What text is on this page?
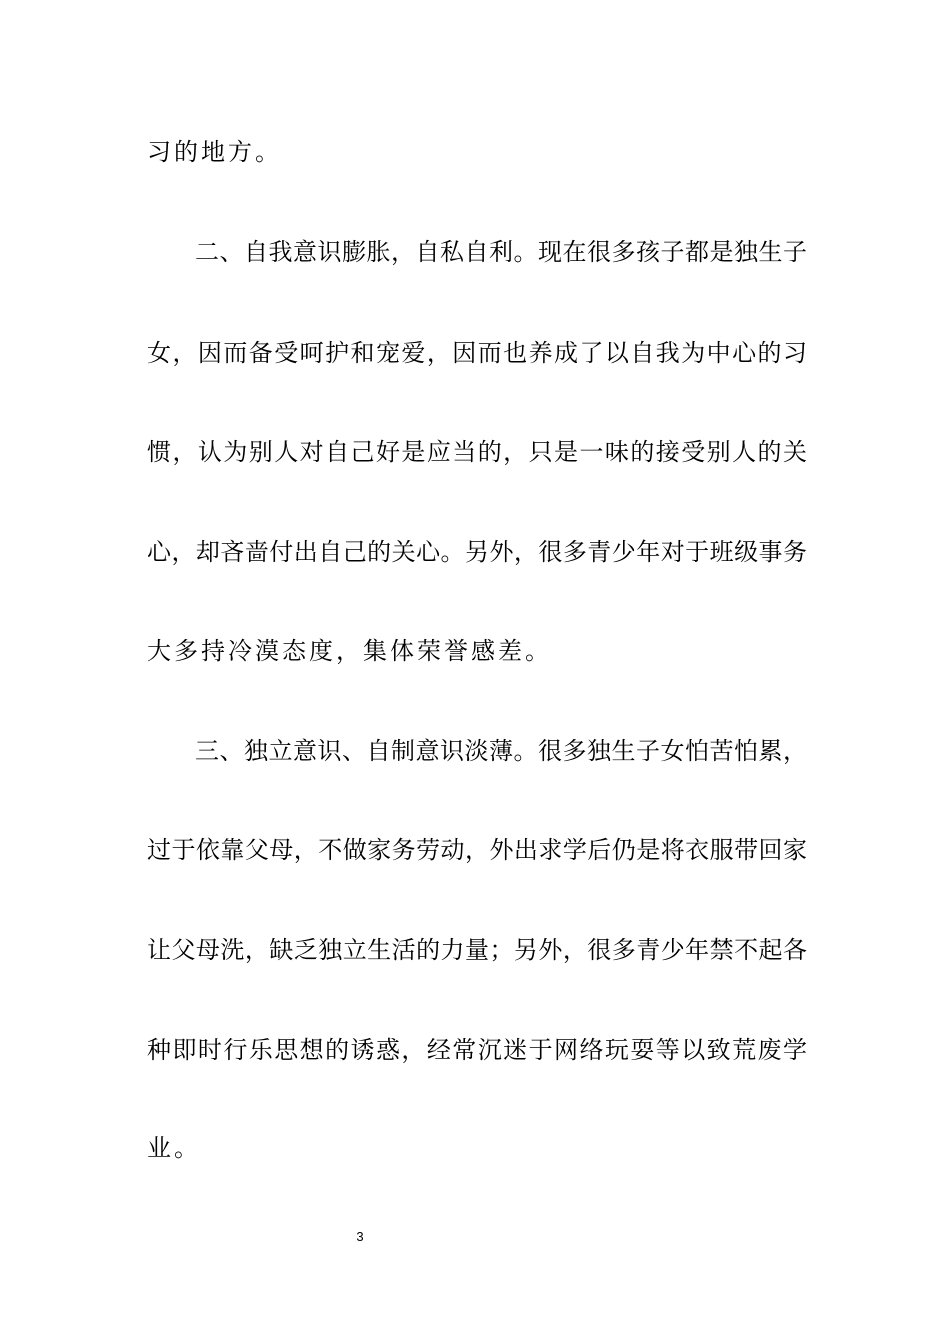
习的地方。
二、自我意识膨胀，自私自利。现在很多孩子都是独生子
女，因而备受呵护和宠爱，因而也养成了以自我为中心的习
惯，认为别人对自己好是应当的，只是一味的接受别人的关
心，却吝啬付出自己的关心。另外，很多青少年对于班级事务
大多持冷漠态度，集体荣誉感差。
三、独立意识、自制意识淡薄。很多独生子女怕苦怕累，
过于依靠父母，不做家务劳动，外出求学后仍是将衣服带回家
让父母洗，缺乏独立生活的力量；另外，很多青少年禁不起各
种即时行乐思想的诱惑，经常沉迷于网络玩耍等以致荒废学
业。
3
